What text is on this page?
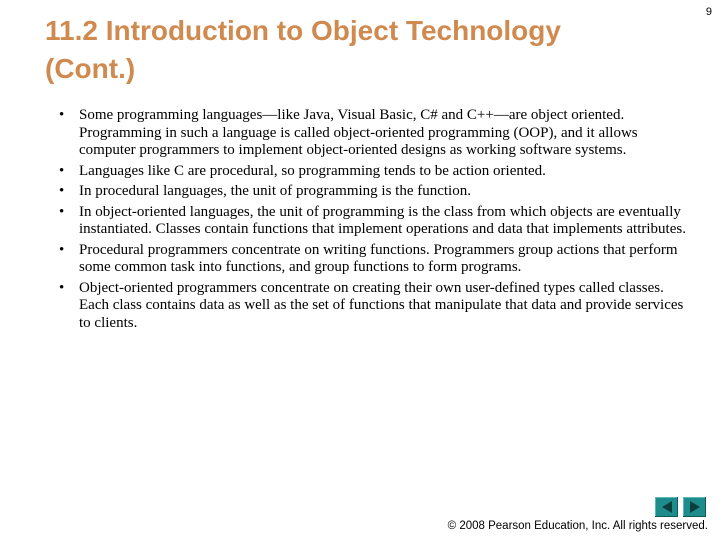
11.2 Introduction to Object Technology
(Cont.)
9
• Some programming languages—like Java, Visual Basic, C# and C++—are object oriented. Programming in such a language is called object-oriented programming (OOP), and it allows computer programmers to implement object-oriented designs as working software systems.
• Languages like C are procedural, so programming tends to be action oriented.
• In procedural languages, the unit of programming is the function.
• In object-oriented languages, the unit of programming is the class from which objects are eventually instantiated. Classes contain functions that implement operations and data that implements attributes.
• Procedural programmers concentrate on writing functions. Programmers group actions that perform some common task into functions, and group functions to form programs.
• Object-oriented programmers concentrate on creating their own user-defined types called classes. Each class contains data as well as the set of functions that manipulate that data and provide services to clients.
© 2008 Pearson Education, Inc. All rights reserved.
